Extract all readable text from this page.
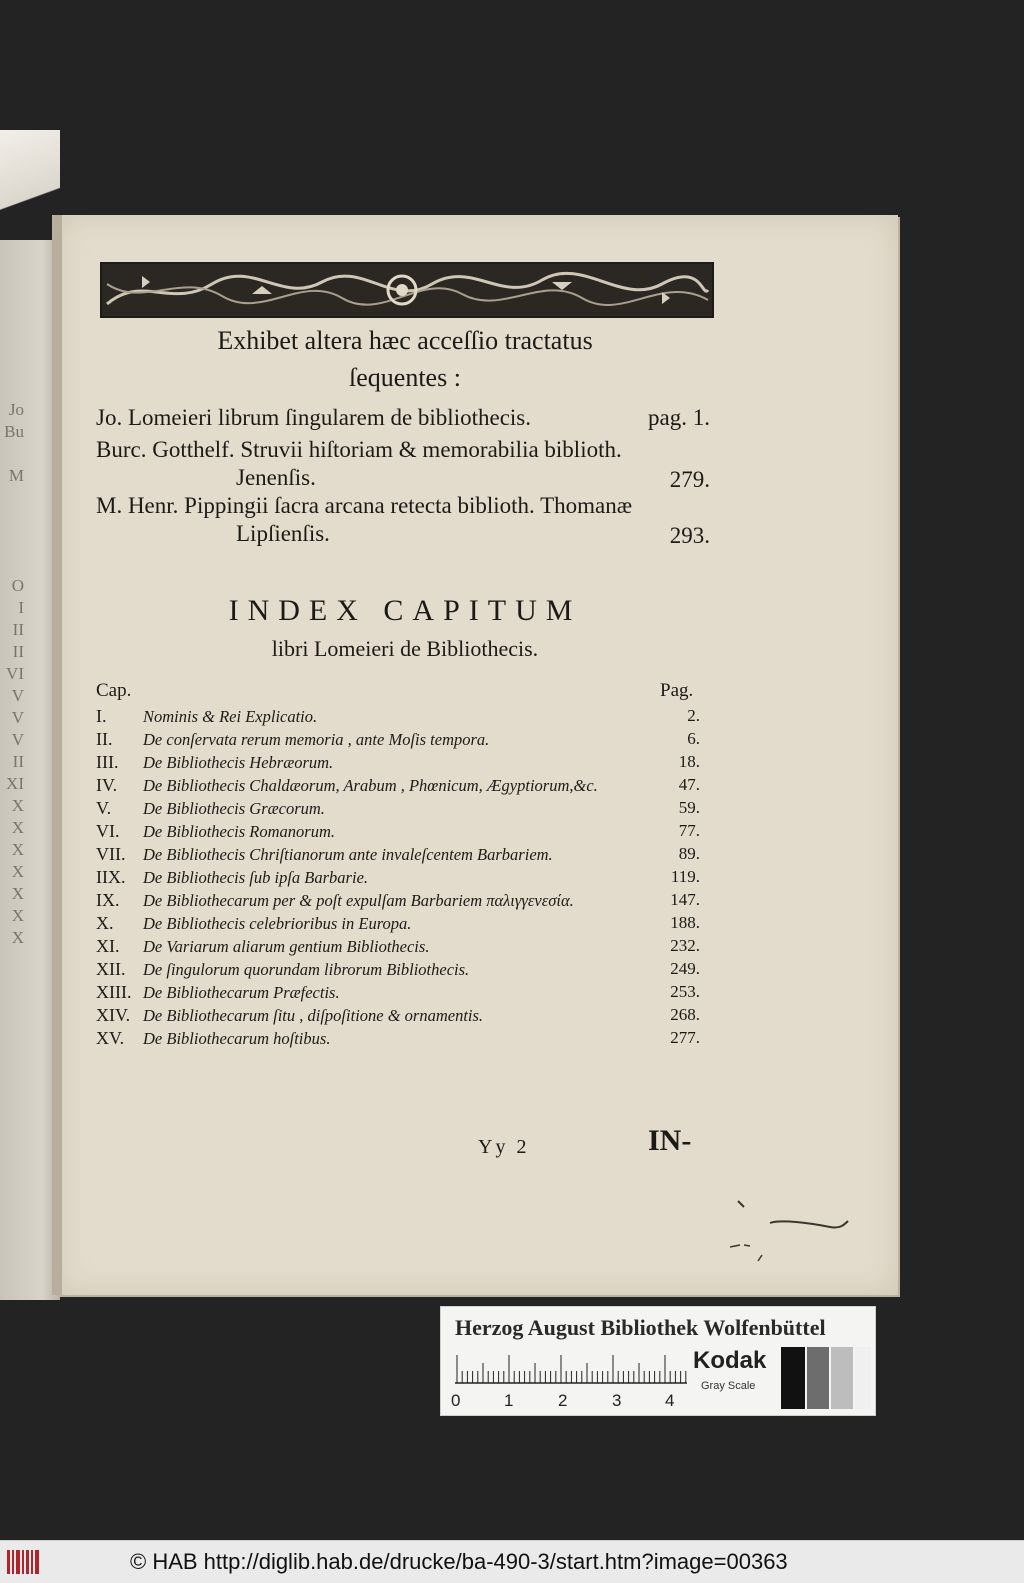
Jo
Bu
M
O
I
II
II
VI
V
V
V
II
XI
X
X
X
X
X
X
X
Exhibet altera hæc acceſſio tractatus
ſequentes :
Jo. Lomeieri librum ſingularem de bibliothecis.	pag. 1.
Burc. Gotthelf. Struvii hiſtoriam & memorabilia biblioth.
Jenenſis.	279.
M. Henr. Pippingii ſacra arcana retecta biblioth. Thomanæ
Lipſienſis.	293.
INDEX CAPITUM
libri Lomeieri de Bibliothecis.
Cap.	Pag.
I.	Nominis & Rei Explicatio.	2.
II.	De conſervata rerum memoria , ante Moſis tempora.	6.
III.	De Bibliothecis Hebræorum.	18.
IV.	De Bibliothecis Chaldæorum, Arabum , Phœnicum, Ægyptiorum,&c.	47.
V.	De Bibliothecis Græcorum.	59.
VI.	De Bibliothecis Romanorum.	77.
VII.	De Bibliothecis Chriſtianorum ante invaleſcentem Barbariem.	89.
IIX.	De Bibliothecis ſub ipſa Barbarie.	119.
IX.	De Bibliothecarum per & poſt expulſam Barbariem παλιγγενεσία.	147.
X.	De Bibliothecis celebrioribus in Europa.	188.
XI.	De Variarum aliarum gentium Bibliothecis.	232.
XII.	De ſingulorum quorundam librorum Bibliothecis.	249.
XIII. De Bibliothecarum Præfectis.	253.
XIV. De Bibliothecarum ſitu , diſpoſitione & ornamentis.	268.
XV.	De Bibliothecarum hoſtibus.	277.
Yy 2	IN-
Herzog August Bibliothek Wolfenbüttel
0	1	2	3	4
Kodak
Gray Scale
© HAB http://diglib.hab.de/drucke/ba-490-3/start.htm?image=00363
